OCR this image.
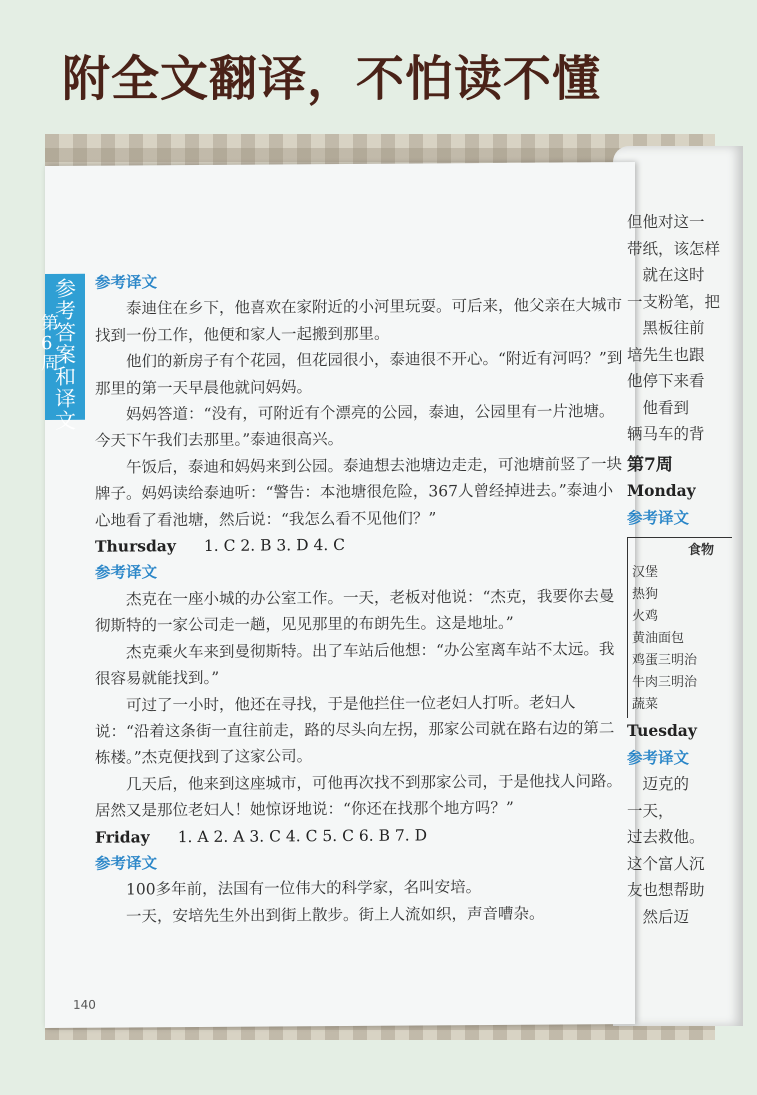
附全文翻译，不怕读不懂
参考答案和译文
第6周
参考译文
泰迪住在乡下，他喜欢在家附近的小河里玩耍。可后来，他父亲在大城市找到一份工作，他便和家人一起搬到那里。
他们的新房子有个花园，但花园很小，泰迪很不开心。“附近有河吗？”到那里的第一天早晨他就问妈妈。
妈妈答道：“没有，可附近有个漂亮的公园，泰迪，公园里有一片池塘。今天下午我们去那里。”泰迪很高兴。
午饭后，泰迪和妈妈来到公园。泰迪想去池塘边走走，可池塘前竖了一块牌子。妈妈读给泰迪听：“警告：本池塘很危险，367人曾经掉进去。”泰迪小心地看了看池塘，然后说：“我怎么看不见他们？”
Thursday 1. C 2. B 3. D 4. C
参考译文
杰克在一座小城的办公室工作。一天，老板对他说：“杰克，我要你去曼彻斯特的一家公司走一趟，见见那里的布朗先生。这是地址。”
杰克乘火车来到曼彻斯特。出了车站后他想：“办公室离车站不太远。我很容易就能找到。”
可过了一小时，他还在寻找，于是他拦住一位老妇人打听。老妇人说：“沿着这条街一直往前走，路的尽头向左拐，那家公司就在路右边的第二栋楼。”杰克便找到了这家公司。
几天后，他来到这座城市，可他再次找不到那家公司，于是他找人问路。居然又是那位老妇人！她惊讶地说：“你还在找那个地方吗？”
Friday 1. A 2. A 3. C 4. C 5. C 6. B 7. D
参考译文
100多年前，法国有一位伟大的科学家，名叫安培。
一天，安培先生外出到街上散步。街上人流如织，声音嘈杂。
140
但他对这一
带纸，该怎样
　就在这时
一支粉笔，把
　黑板往前
培先生也跟
他停下来看
　他看到
辆马车的背
第7周
Monday
参考译文
食物
汉堡
热狗
火鸡
黄油面包
鸡蛋三明治
牛肉三明治
蔬菜
Tuesday
参考译文
　迈克的
一天，
过去救他。
这个富人沉
友也想帮助
　然后迈
